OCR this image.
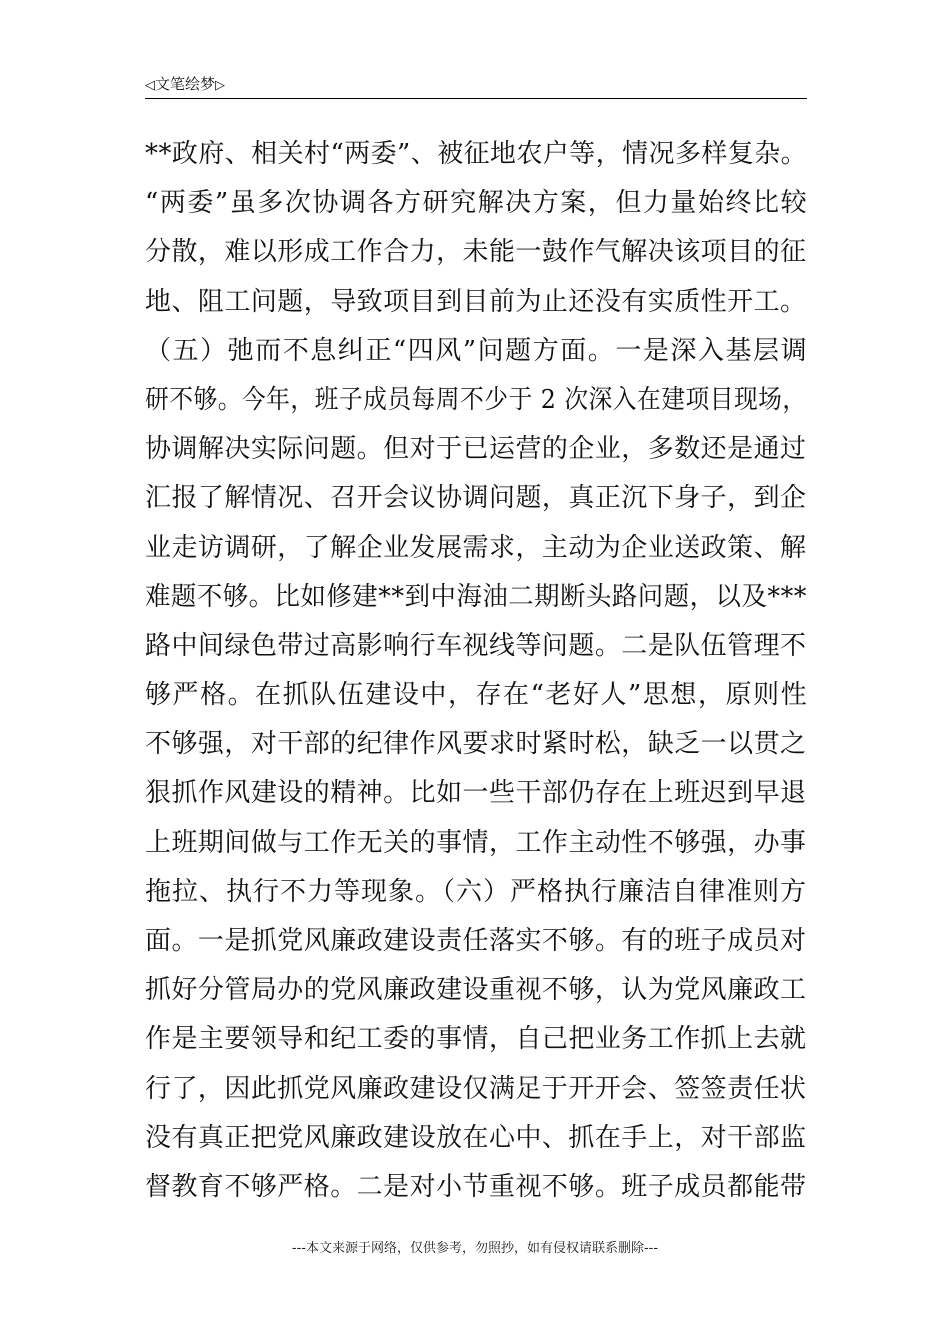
◁文笔绘梦▷
**政府、相关村“两委”、被征地农户等，情况多样复杂。
“两委”虽多次协调各方研究解决方案，但力量始终比较
分散，难以形成工作合力，未能一鼓作气解决该项目的征
地、阻工问题，导致项目到目前为止还没有实质性开工。
（五）弛而不息纠正“四风”问题方面。一是深入基层调
研不够。今年，班子成员每周不少于 2 次深入在建项目现场，
协调解决实际问题。但对于已运营的企业，多数还是通过
汇报了解情况、召开会议协调问题，真正沉下身子，到企
业走访调研，了解企业发展需求，主动为企业送政策、解
难题不够。比如修建**到中海油二期断头路问题，以及***
路中间绿色带过高影响行车视线等问题。二是队伍管理不
够严格。在抓队伍建设中，存在“老好人”思想，原则性
不够强，对干部的纪律作风要求时紧时松，缺乏一以贯之
狠抓作风建设的精神。比如一些干部仍存在上班迟到早退
上班期间做与工作无关的事情，工作主动性不够强，办事
拖拉、执行不力等现象。（六）严格执行廉洁自律准则方
面。一是抓党风廉政建设责任落实不够。有的班子成员对
抓好分管局办的党风廉政建设重视不够，认为党风廉政工
作是主要领导和纪工委的事情，自己把业务工作抓上去就
行了，因此抓党风廉政建设仅满足于开开会、签签责任状
没有真正把党风廉政建设放在心中、抓在手上，对干部监
督教育不够严格。二是对小节重视不够。班子成员都能带
---本文来源于网络，仅供参考，勿照抄，如有侵权请联系删除---
